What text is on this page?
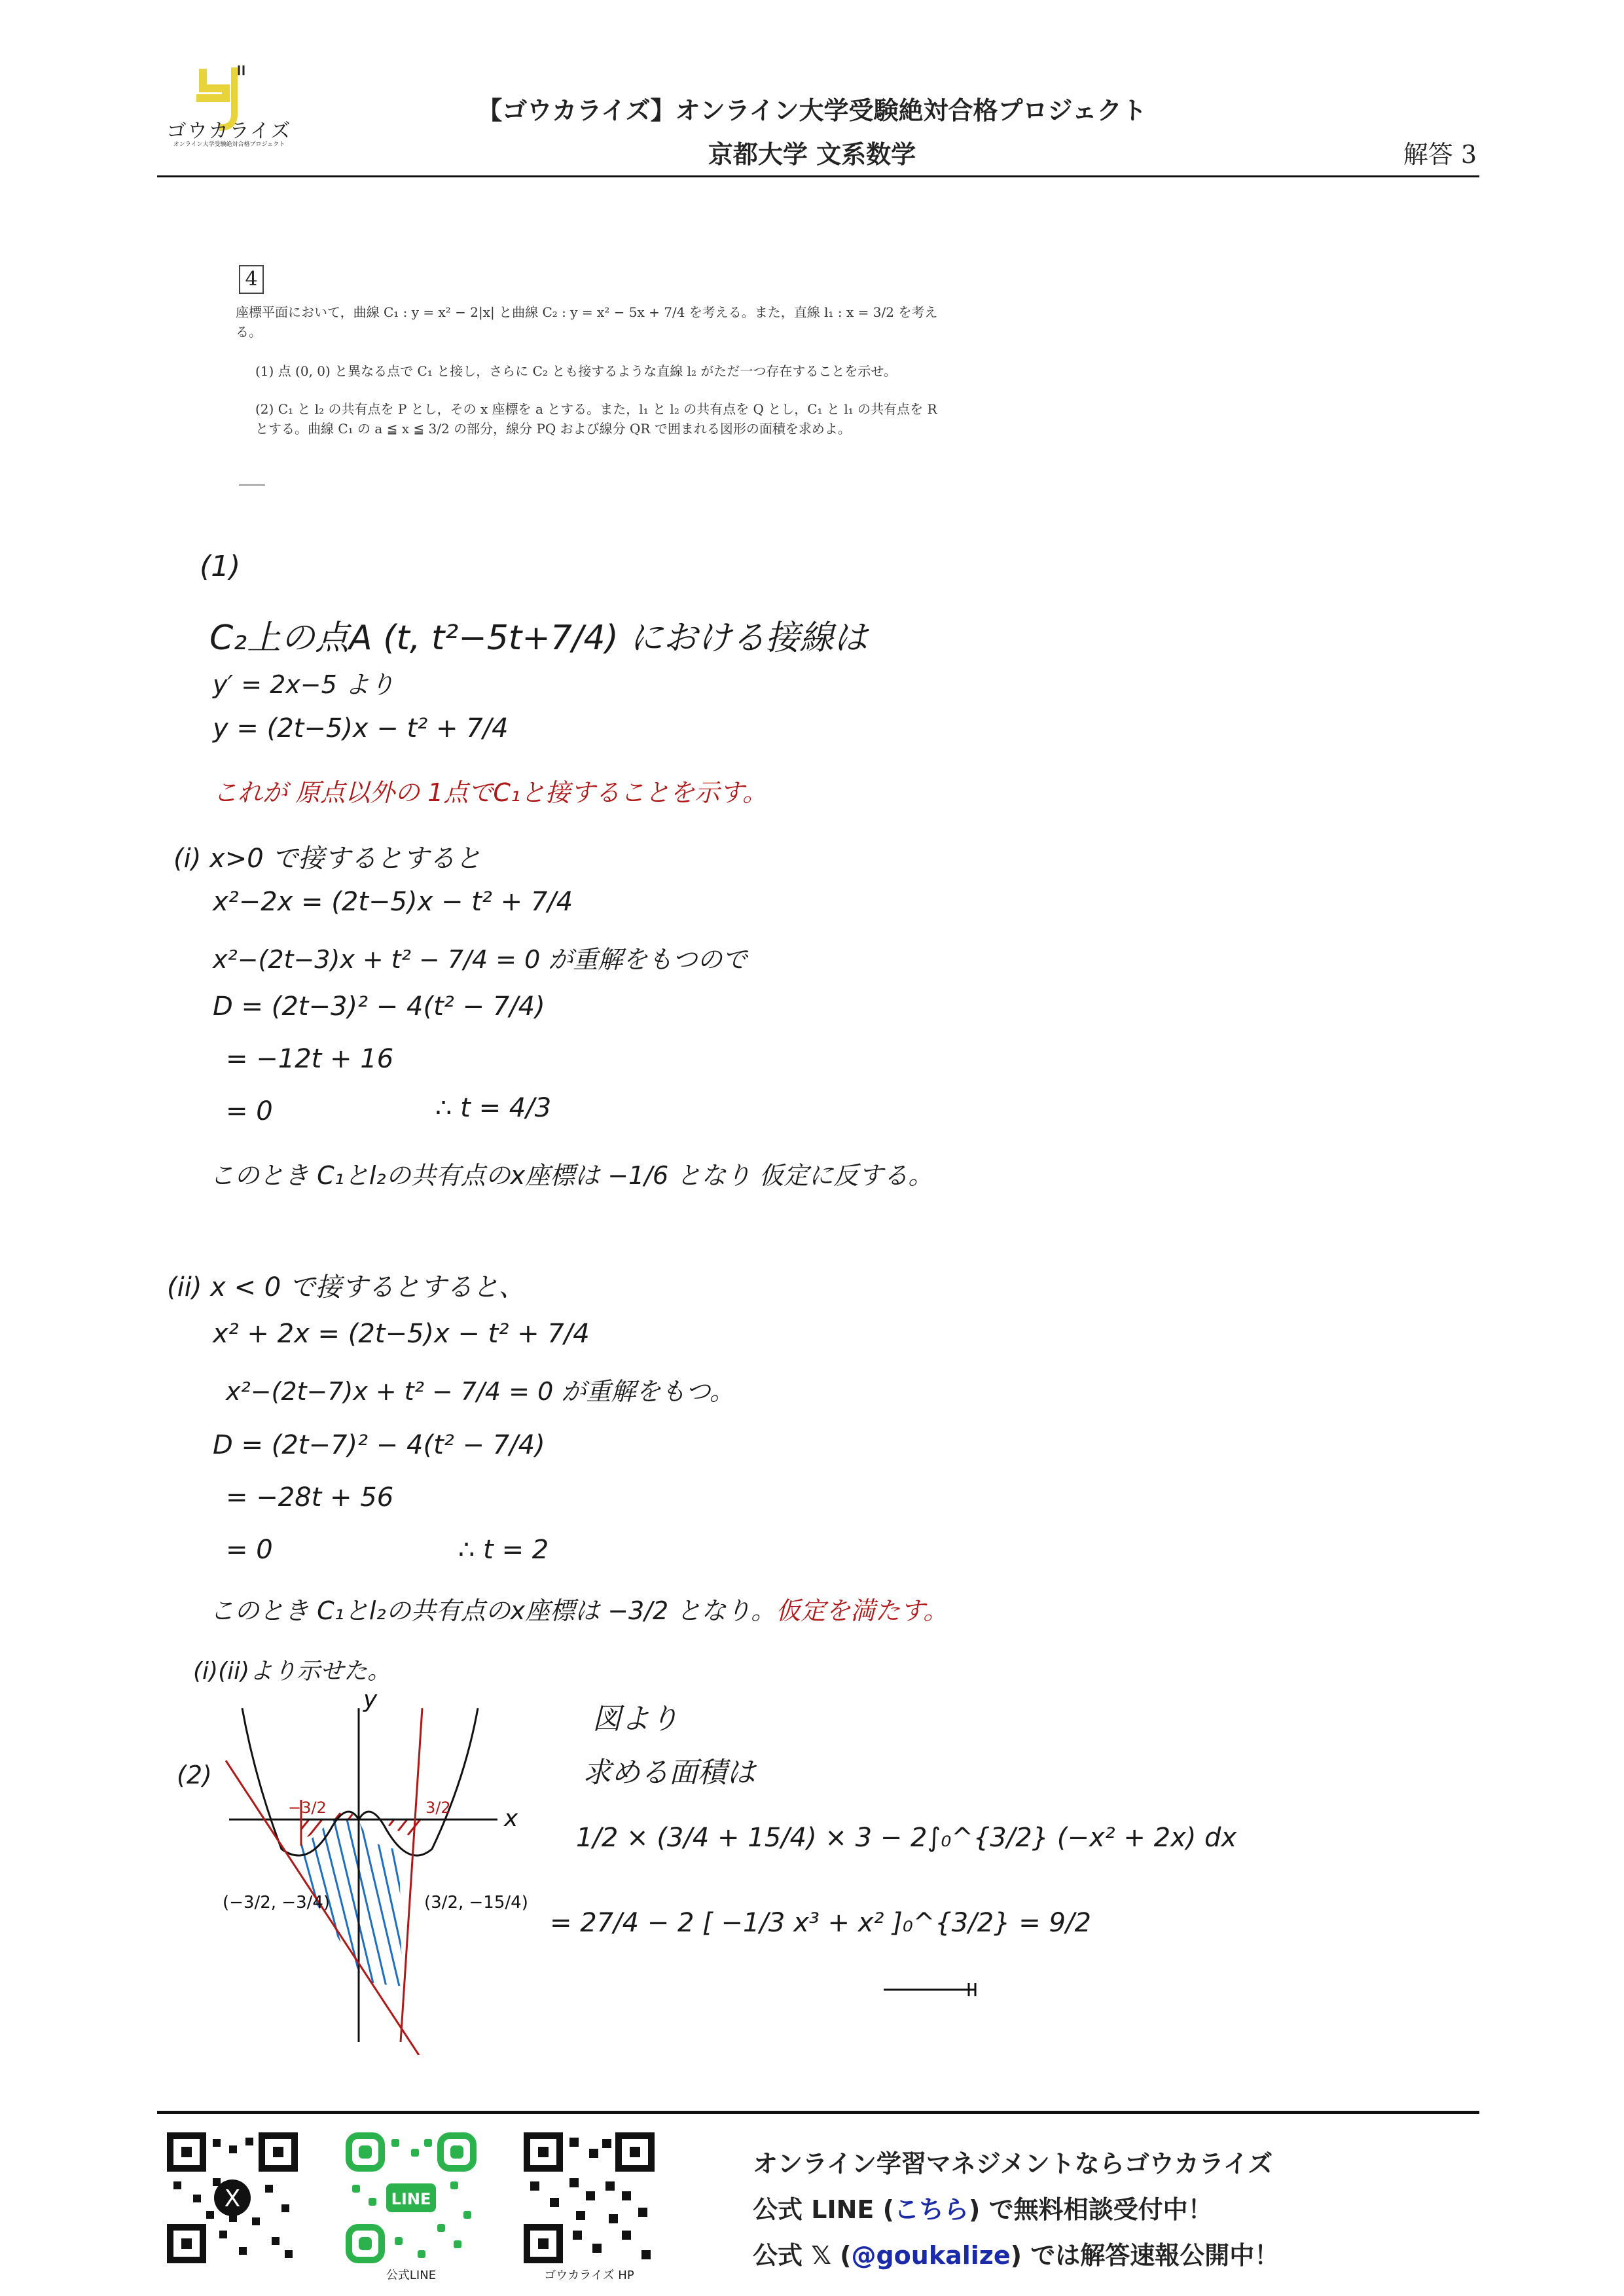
ゴウカライズ
オンライン大学受験絶対合格プロジェクト
【ゴウカライズ】オンライン大学受験絶対合格プロジェクト
京都大学 文系数学	解答 3
4
座標平面において，曲線 C₁ : y = x² − 2|x| と曲線 C₂ : y = x² − 5x + 7/4 を考える。また，直線 l₁ : x = 3/2 を考える。
(1) 点 (0, 0) と異なる点で C₁ と接し，さらに C₂ とも接するような直線 l₂ がただ一つ存在することを示せ。
(2) C₁ と l₂ の共有点を P とし，その x 座標を a とする。また，l₁ と l₂ の共有点を Q とし，C₁ と l₁ の共有点を R とする。曲線 C₁ の a ≦ x ≦ 3/2 の部分，線分 PQ および線分 QR で囲まれる図形の面積を求めよ。
(1)
C₂上の点A (t, t²−5t+7/4) における接線は
y′ = 2x−5 より
y = (2t−5)x − t² + 7/4
これが 原点以外の 1点でC₁と接することを示す。
(i) x>0 で接するとすると
x²−2x = (2t−5)x − t² + 7/4
x²−(2t−3)x + t² − 7/4 = 0 が重解をもつので
D = (2t−3)² − 4(t² − 7/4)
= −12t + 16
= 0	∴ t = 4/3
このとき C₁とl₂の共有点のx座標は −1/6 となり 仮定に反する。
(ii) x < 0 で接するとすると、
x² + 2x = (2t−5)x − t² + 7/4
x²−(2t−7)x + t² − 7/4 = 0 が重解をもつ。
D = (2t−7)² − 4(t² − 7/4)
= −28t + 56
= 0	∴ t = 2
このとき C₁とl₂の共有点のx座標は −3/2 となり。仮定を満たす。
(i)(ii)より示せた。
(2)
y
x
−3/2	3/2
(−3/2, −3/4)	(3/2, −15/4)
図より
求める面積は
1/2 × (3/4 + 15/4) × 3 − 2∫₀^{3/2} (−x² + 2x) dx
= 27/4 − 2 [ −1/3 x³ + x² ]₀^{3/2} = 9/2
X	LINE
公式LINE	ゴウカライズ HP
オンライン学習マネジメントならゴウカライズ
公式 LINE (こちら) で無料相談受付中！
公式 𝕏 (@goukalize) では解答速報公開中！
